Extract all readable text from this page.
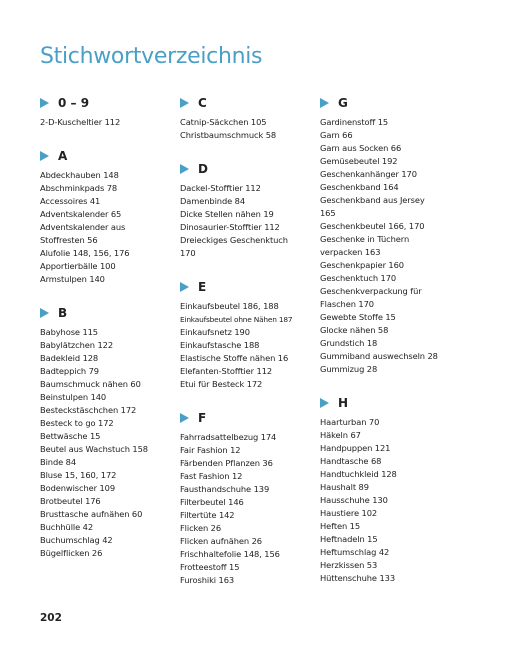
Stichwortverzeichnis
0 – 9
2-D-Kuscheltier 112
A
Abdeckhauben 148
Abschminkpads 78
Accessoires 41
Adventskalender 65
Adventskalender aus
Stoffresten 56
Alufolie 148, 156, 176
Apportierbälle 100
Armstulpen 140
B
Babyhose 115
Babylätzchen 122
Badekleid 128
Badteppich 79
Baumschmuck nähen 60
Beinstulpen 140
Besteckstäschchen 172
Besteck to go 172
Bettwäsche 15
Beutel aus Wachstuch 158
Binde 84
Bluse 15, 160, 172
Bodenwischer 109
Brotbeutel 176
Brusttasche aufnähen 60
Buchhülle 42
Buchumschlag 42
Bügelflicken 26
C
Catnip-Säckchen 105
Christbaumschmuck 58
D
Dackel-Stofftier 112
Damenbinde 84
Dicke Stellen nähen 19
Dinosaurier-Stofftier 112
Dreieckiges Geschenktuch
170
E
Einkaufsbeutel 186, 188
Einkaufsbeutel ohne Nähen 187
Einkaufsnetz 190
Einkaufstasche 188
Elastische Stoffe nähen 16
Elefanten-Stofftier 112
Etui für Besteck 172
F
Fahrradsattelbezug 174
Fair Fashion 12
Färbenden Pflanzen 36
Fast Fashion 12
Fausthandschuhe 139
Filterbeutel 146
Filtertüte 142
Flicken 26
Flicken aufnähen 26
Frischhaltefolie 148, 156
Frotteestoff 15
Furoshiki 163
G
Gardinenstoff 15
Garn 66
Garn aus Socken 66
Gemüsebeutel 192
Geschenkanhänger 170
Geschenkband 164
Geschenkband aus Jersey
165
Geschenkbeutel 166, 170
Geschenke in Tüchern
verpacken 163
Geschenkpapier 160
Geschenktuch 170
Geschenkverpackung für
Flaschen 170
Gewebte Stoffe 15
Glocke nähen 58
Grundstich 18
Gummiband auswechseln 28
Gummizug 28
H
Haarturban 70
Häkeln 67
Handpuppen 121
Handtasche 68
Handtuchkleid 128
Haushalt 89
Hausschuhe 130
Haustiere 102
Heften 15
Heftnadeln 15
Heftumschlag 42
Herzkissen 53
Hüttenschuhe 133
202
